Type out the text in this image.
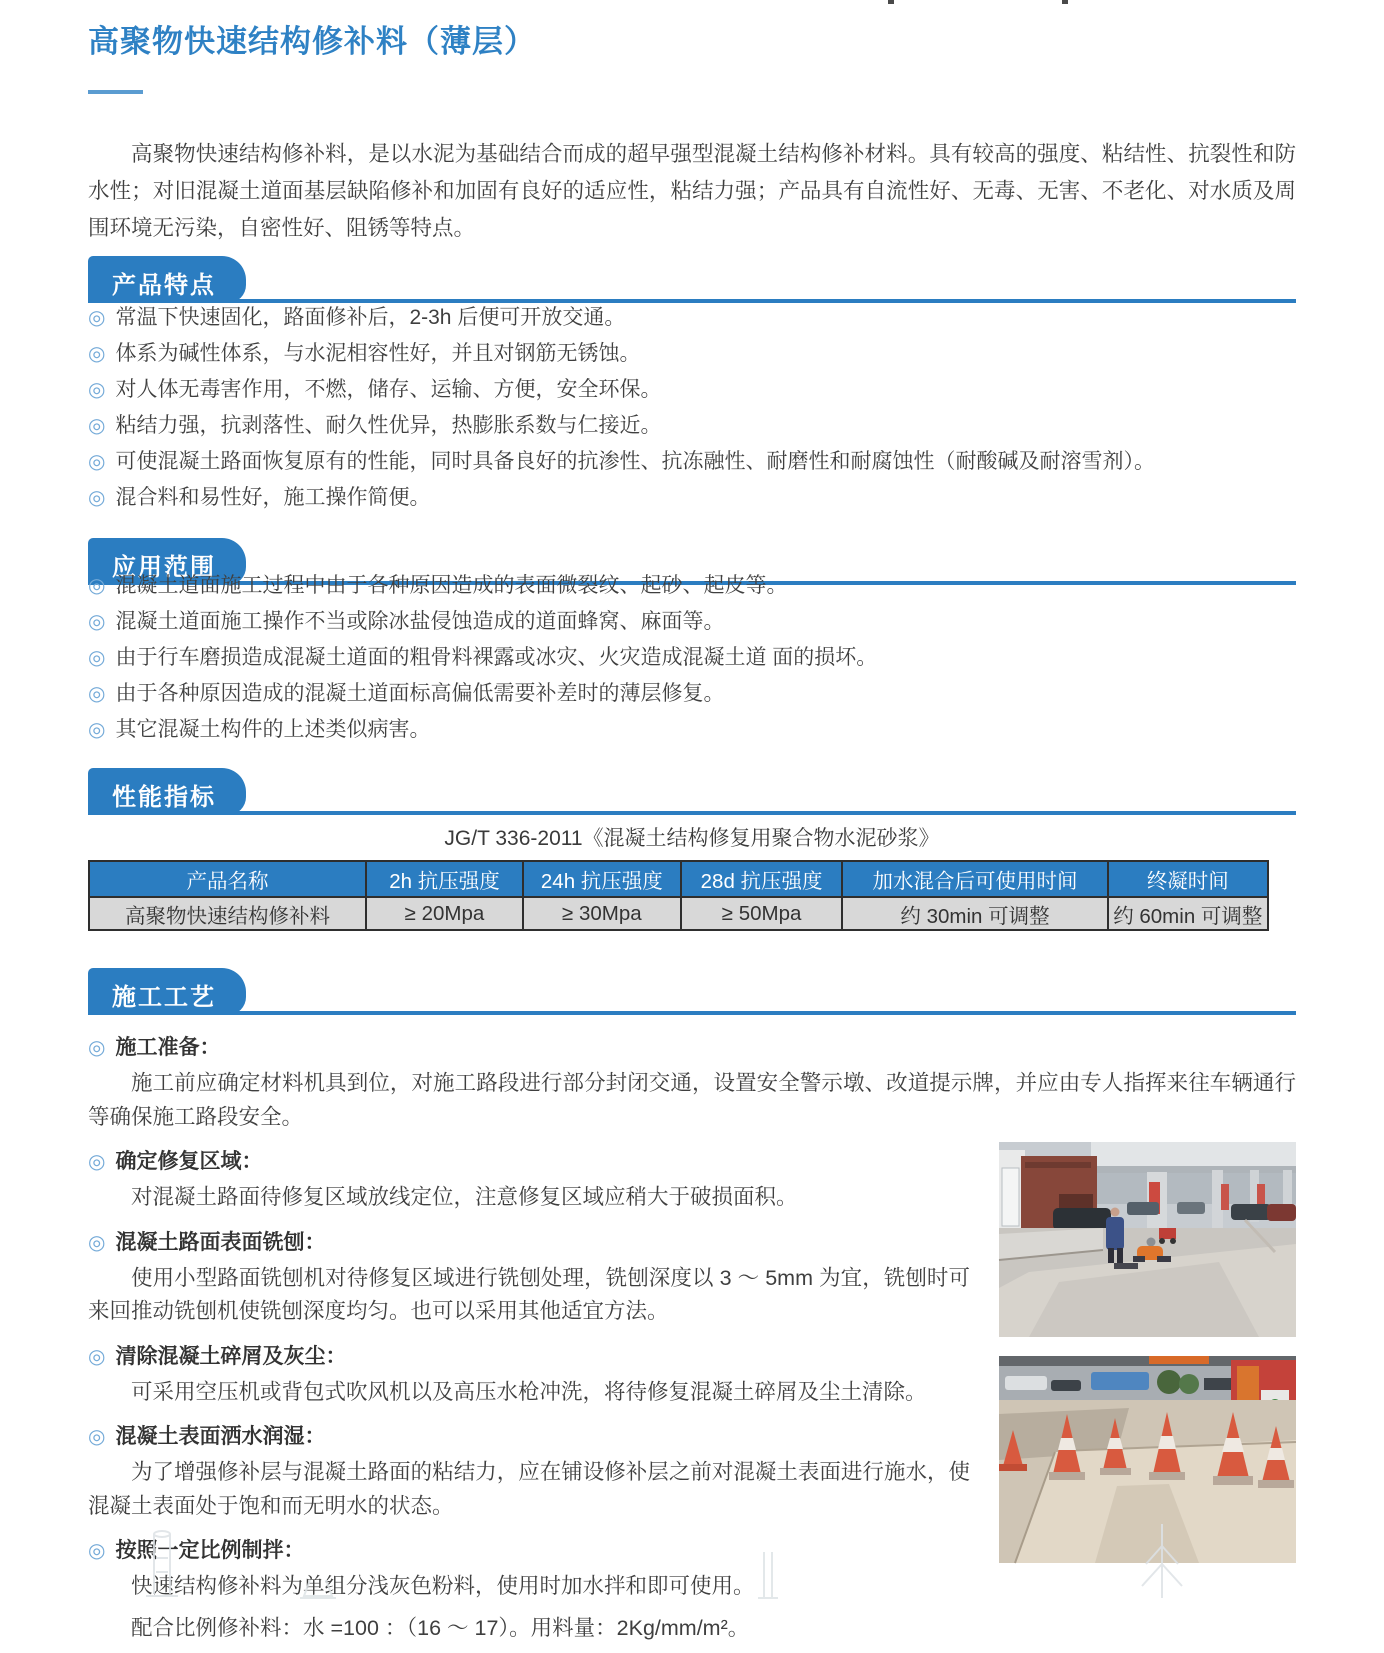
高聚物快速结构修补料（薄层）

高聚物快速结构修补料，是以水泥为基础结合而成的超早强型混凝土结构修补材料。具有较高的强度、粘结性、抗裂性和防水性；对旧混凝土道面基层缺陷修补和加固有良好的适应性，粘结力强；产品具有自流性好、无毒、无害、不老化、对水质及周围环境无污染，自密性好、阻锈等特点。

产品特点
◎ 常温下快速固化，路面修补后，2-3h 后便可开放交通。
◎ 体系为碱性体系，与水泥相容性好，并且对钢筋无锈蚀。
◎ 对人体无毒害作用，不燃，储存、运输、方便，安全环保。
◎ 粘结力强，抗剥落性、耐久性优异，热膨胀系数与仁接近。
◎ 可使混凝土路面恢复原有的性能，同时具备良好的抗渗性、抗冻融性、耐磨性和耐腐蚀性（耐酸碱及耐溶雪剂）。
◎ 混合料和易性好，施工操作简便。
应用范围
◎ 混凝土道面施工过程中由于各种原因造成的表面微裂纹、起砂、起皮等。
◎ 混凝土道面施工操作不当或除冰盐侵蚀造成的道面蜂窝、麻面等。
◎ 由于行车磨损造成混凝土道面的粗骨料裸露或冰灾、火灾造成混凝土道 面的损坏。
◎ 由于各种原因造成的混凝土道面标高偏低需要补差时的薄层修复。
◎ 其它混凝土构件的上述类似病害。
性能指标
JG/T 336-2011《混凝土结构修复用聚合物水泥砂浆》
产品名称	2h 抗压强度	24h 抗压强度	28d 抗压强度	加水混合后可使用时间	终凝时间
高聚物快速结构修补料	≥ 20Mpa	≥ 30Mpa	≥ 50Mpa	约 30min 可调整	约 60min 可调整
施工工艺

◎ 施工准备：

施工前应确定材料机具到位，对施工路段进行部分封闭交通，设置安全警示墩、改道提示牌，并应由专人指挥来往车辆通行等确保施工路段安全。

◎ 确定修复区域：

对混凝土路面待修复区域放线定位，注意修复区域应稍大于破损面积。

◎ 混凝土路面表面铣刨：

使用小型路面铣刨机对待修复区域进行铣刨处理，铣刨深度以 3 ～ 5mm 为宜，铣刨时可来回推动铣刨机使铣刨深度均匀。也可以采用其他适宜方法。

◎ 清除混凝土碎屑及灰尘：

可采用空压机或背包式吹风机以及高压水枪冲洗，将待修复混凝土碎屑及尘土清除。

◎ 混凝土表面洒水润湿：

为了增强修补层与混凝土路面的粘结力，应在铺设修补层之前对混凝土表面进行施水，使混凝土表面处于饱和而无明水的状态。

◎ 按照一定比例制拌：

快速结构修补料为单组分浅灰色粉料，使用时加水拌和即可使用。

配合比例修补料：水 =100 ：（16 ～ 17）。用料量：2Kg/mm/m²。
